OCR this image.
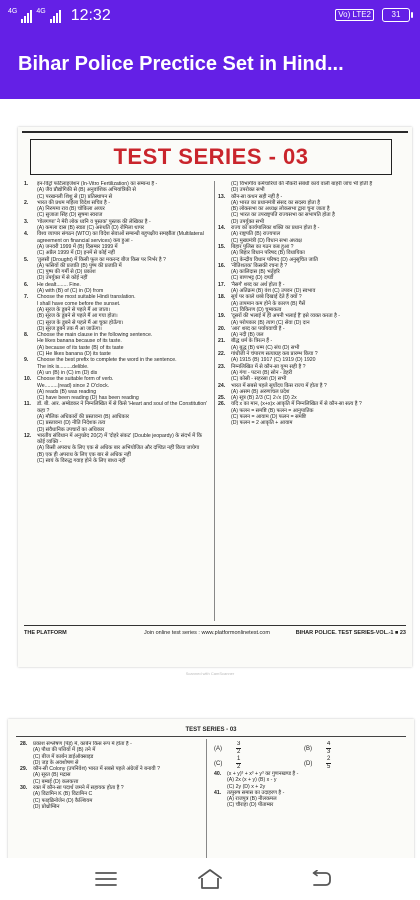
4G	4G 12:32	Vo) LTE2	31
Bihar Police Prectice Set in Hind...
TEST SERIES - 03
1.	इन-विट्रो फर्टिलाइजेशन (In-Vitro Fertilization) का सम्बन्ध है -
(A) जैव प्रौद्योगिकी से (B) अनुवांशिक अभियांत्रिकी से
(C) परखनली शिशु से (D) प्रतिस्थापन से
2.	भारत की प्रथम महिला विदेश सचिव है -
(A) निरुपमा राव (B) चोकिला अय्यर
(C) सुजाता सिंह (D) सुषमा स्वराज
3.	'गोलगप्पा' ने मेरी लोक ध्वनि व पुस्तक' पुस्तक की लेखिका है -
(A) कमला दास (B) स्वप्ना (C) अरुंधति (D) रोमिला थापर
4.	विश्व व्यापार संगठन (WTO) का विदेश सेवाओं सम्बन्धी बहुपक्षीय समझौता (Multilateral agreement on financial services) कब हुआ -
(A) जनवरी 1999 में (B) दिसम्बर 1999 में
(C) अप्रैल 1999 में (D) इनमें से कोई नहीं
5.	'तुलसी (Drought) में किसी फूल का मकरन्द बीज किस पर निर्भर है ?
(A) फसियों की प्रजाति (B) पुष्प की प्रजाति में
(C) पुष्प की गर्मी से (D) प्रकाश
(D) उपर्युक्त में से कोई नहीं
6.	He dealt........ Fine.
(A) with (B) of (C) in (D) from
7.	Choose the most suitable Hindi translation.
I shall have come before the sunset.
(A) सूरज के डूबने से पहले मैं आ जाता।
(B) सूरज के डूबने से पहले मैं आ गया होता।
(C) सूरज के डूबने से पहले मैं आ चुका होऊँगा।
(D) सूरज डूबने तक मैं आ जाऊँगा।
8.	Choose the main clause in the following sentence.
He likes banana because of its taste.
(A) because of its taste (B) of its taste
(C) He likes banana (D) its taste
9.	Choose the best prefix to complete the word in the sentence.
The ink is.........delible.
(A) un (B) in (C) im (D) dis
10.	Choose the suitable form of verb.
We.........(read) since 2 O'clock.
(A) reads (B) was reading
(C) have been reading (D) has been reading
11.	डॉ. बी. आर. अम्बेडकर ने निम्नलिखित में से किसे 'Heart and soul of the Constitution' कहा ?
(A) मौलिक अधिकारों की प्रस्तावना (B) आधिकार
(C) प्रस्तावना (D) नीति निदेशक तत्व
(D) संवैधानिक उपचारों का अधिकार
12.	भारतीय संविधान में अनुच्छेद 20(2) में 'दोहरे संकट' (Double jeopardy) के संदर्भ में कि कोई व्यक्ति -
(A) किसी अपराध के लिए एक से अधिक बार अभियोजित और दण्डित नहीं किया जायेगा
(B) एक ही अपराध के लिए एक बार से अधिक नहीं
(C) स्वयं के विरुद्ध गवाह होने के लिए बाध्य नहीं
(C) विभागीय कर्मचारियों की नौकरी संबंधी कार्य वाली बाहरी जांच भी होती है
(D) उपरोक्त सभी
13.	कौन-सा कथन सही नहीं है -
(A) भारत का प्रधानमंत्री संसद का सदस्य होता है
(B) लोकसभा का अध्यक्ष लोकसभा द्वारा चुना जाता है
(C) भारत का उपराष्ट्रपति राज्यसभा का सभापति होता है
(D) उपर्युक्त सभी
14.	राज्य को कार्यपालिका शक्ति का प्रधान होता है -
(A) राष्ट्रपति (B) राज्यपाल
(C) मुख्यमंत्री (D) विधान सभा अध्यक्ष
15.	बिहार पुलिस का गठन कब हुआ ?
(A) बिहार विधान परिषद (B) विधायिका
(C) केन्द्रीय विधान परिषद (D) अनुसूचित जाति
16.	'नीतिशतक' किसकी रचना है ?
(A) कालिदास (B) भर्तृहरि
(C) बाणभट्ट (D) दण्डी
17.	'नैसर्ग' शब्द का अर्थ होता है -
(A) अतिक्रम (B) वंश (C) उपवन (D) स्वभाव
18.	सूर्य पर काले धब्बे दिखाई देते हैं क्यों ?
(A) तापमान कम होने के कारण (B) गैसें
(C) विकिरण (D) चुम्बकत्व
19.	'दूसरों की भलाई में ही अपनी भलाई है' इसे व्यक्त करता है -
(A) परोपकार (B) त्याग (C) सेवा (D) दान
20.	'आर' शब्द का पर्यायवाची है -
(A) नदी (B) जल
21.	बौद्ध धर्म के त्रिरत्न हैं -
(A) बुद्ध (B) धम्म (C) संघ (D) सभी
22.	गांधीजी ने चंपारण सत्याग्रह कब प्रारम्भ किया ?
(A) 1915 (B) 1917 (C) 1919 (D) 1920
23.	निम्नलिखित में से कौन-सा युग्म सही है ?
(A) गंगा - पटना (B) सोन - डेहरी
(C) कोसी - सहरसा (D) सभी
24.	भारत में सबसे पहले सूर्योदय किस राज्य में होता है ?
(A) असम (B) अरुणाचल प्रदेश
25.	(A) सूत्र (B) 2/3 (C) 2√x (D) 2x
26.	यदि x का मान, (x+x)x आकृति में निम्नलिखित में से कौन-सा सत्य है ?
(A) फलन = समष्टि (B) फलन = आनुपातिक
(C) फलन = आयाम (D) फलन = समष्टि
(D) फलन = 2 आकृति + आयाम
THE PLATFORM	Join online test series : www.platformonlinetest.com	BIHAR POLICE. TEST SERIES-VOL.-1 ■ 23
Scanned with CamScanner
TEST SERIES - 03
28.	प्रकाश संश्लेषण (पेड़) में, कार्बन किस रूप में होता है -
(A) पौधा की पत्तियों में (B) तने में
(C) बीज में कार्बन डाईऑक्साइड
(D) जड़ के अवशोषण से
29.	कौन-सी Colony (उपनिवेश) भारत में सबसे पहले अंग्रेजों ने बनायी ?
(A) सूरत (B) मद्रास
(C) बम्बई (D) कलकत्ता
30.	रक्त में कौन-सा पदार्थ जमने में सहायक होता है ?
(A) विटामिन K (B) विटामिन C
(C) फाइब्रिनोजेन (D) कैल्शियम
(D) प्रोथ्रोम्बिन
(A)	$\frac{3}{2}$	(B)	$\frac{4}{3}$
(C)	$\frac{1}{2}$	(D)	$\frac{2}{5}$
40.	(x + y)³ + x³ + y³ का गुणनखण्ड है -
(A) 2x (x + y) (B) x - y
(C) 2y (D) x + 2y
41.	तत्पुरुष समास का उदाहरण है -
(A) राजपुत्र (B) नीलकमल
(C) चौराहा (D) पीताम्बर
